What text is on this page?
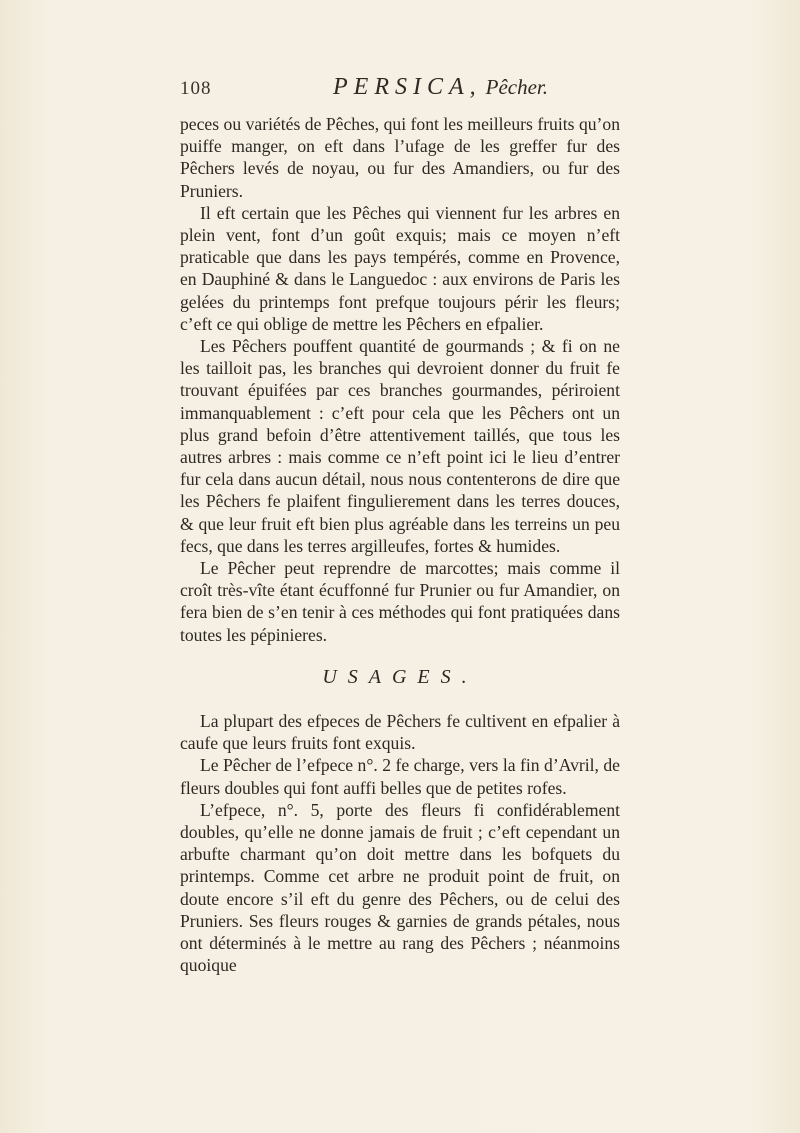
108	PERSICA, Pêcher.

peces ou variétés de Pêches, qui font les meilleurs fruits qu’on puiffe manger, on eft dans l’ufage de les greffer fur des Pêchers levés de noyau, ou fur des Amandiers, ou fur des Pruniers.

Il eft certain que les Pêches qui viennent fur les arbres en plein vent, font d’un goût exquis; mais ce moyen n’eft praticable que dans les pays tempérés, comme en Provence, en Dauphiné & dans le Languedoc : aux environs de Paris les gelées du printemps font prefque toujours périr les fleurs; c’eft ce qui oblige de mettre les Pêchers en efpalier.

Les Pêchers pouffent quantité de gourmands ; & fi on ne les tailloit pas, les branches qui devroient donner du fruit fe trouvant épuifées par ces branches gourmandes, périroient immanquablement : c’eft pour cela que les Pêchers ont un plus grand befoin d’être attentivement taillés, que tous les autres arbres : mais comme ce n’eft point ici le lieu d’entrer fur cela dans aucun détail, nous nous contenterons de dire que les Pêchers fe plaifent fingulierement dans les terres douces, & que leur fruit eft bien plus agréable dans les terreins un peu fecs, que dans les terres argilleufes, fortes & humides.

Le Pêcher peut reprendre de marcottes; mais comme il croît très-vîte étant écuffonné fur Prunier ou fur Amandier, on fera bien de s’en tenir à ces méthodes qui font pratiquées dans toutes les pépinieres.

USAGES.

La plupart des efpeces de Pêchers fe cultivent en efpalier à caufe que leurs fruits font exquis.

Le Pêcher de l’efpece n°. 2 fe charge, vers la fin d’Avril, de fleurs doubles qui font auffi belles que de petites rofes.

L’efpece, n°. 5, porte des fleurs fi confidérablement doubles, qu’elle ne donne jamais de fruit ; c’eft cependant un arbufte charmant qu’on doit mettre dans les bofquets du printemps. Comme cet arbre ne produit point de fruit, on doute encore s’il eft du genre des Pêchers, ou de celui des Pruniers. Ses fleurs rouges & garnies de grands pétales, nous ont déterminés à le mettre au rang des Pêchers ; néanmoins quoique
